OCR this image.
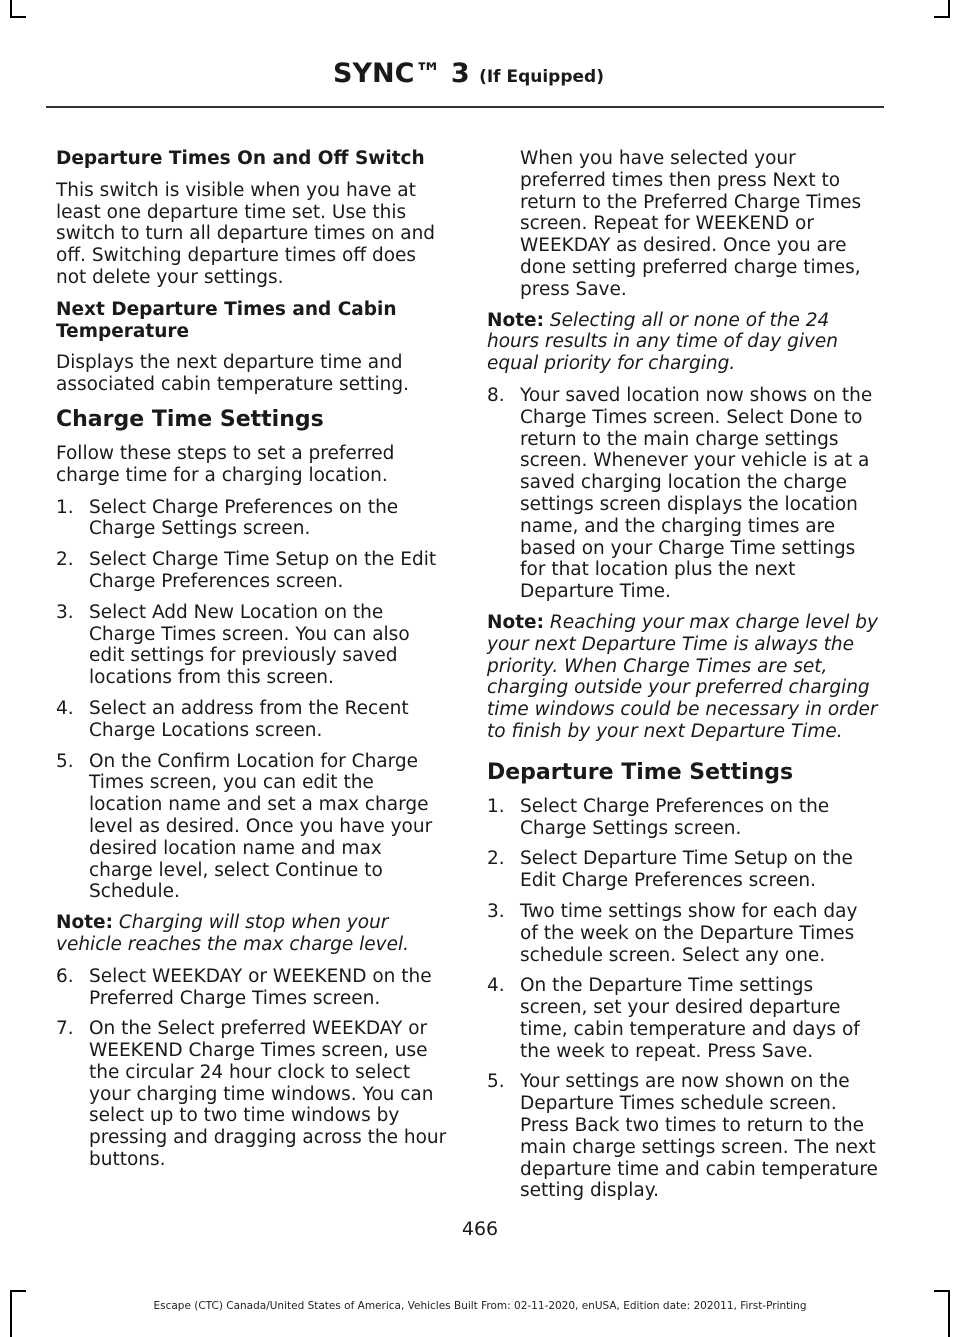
SYNC™ 3 (If Equipped)
Departure Times On and Off Switch
This switch is visible when you have at least one departure time set. Use this switch to turn all departure times on and off. Switching departure times off does not delete your settings.
Next Departure Times and Cabin Temperature
Displays the next departure time and associated cabin temperature setting.
Charge Time Settings
Follow these steps to set a preferred charge time for a charging location.
1. Select Charge Preferences on the Charge Settings screen.
2. Select Charge Time Setup on the Edit Charge Preferences screen.
3. Select Add New Location on the Charge Times screen. You can also edit settings for previously saved locations from this screen.
4. Select an address from the Recent Charge Locations screen.
5. On the Confirm Location for Charge Times screen, you can edit the location name and set a max charge level as desired. Once you have your desired location name and max charge level, select Continue to Schedule.
Note: Charging will stop when your vehicle reaches the max charge level.
6. Select WEEKDAY or WEEKEND on the Preferred Charge Times screen.
7. On the Select preferred WEEKDAY or WEEKEND Charge Times screen, use the circular 24 hour clock to select your charging time windows. You can select up to two time windows by pressing and dragging across the hour buttons.
When you have selected your preferred times then press Next to return to the Preferred Charge Times screen. Repeat for WEEKEND or WEEKDAY as desired. Once you are done setting preferred charge times, press Save.
Note: Selecting all or none of the 24 hours results in any time of day given equal priority for charging.
8. Your saved location now shows on the Charge Times screen. Select Done to return to the main charge settings screen. Whenever your vehicle is at a saved charging location the charge settings screen displays the location name, and the charging times are based on your Charge Time settings for that location plus the next Departure Time.
Note: Reaching your max charge level by your next Departure Time is always the priority. When Charge Times are set, charging outside your preferred charging time windows could be necessary in order to finish by your next Departure Time.
Departure Time Settings
1. Select Charge Preferences on the Charge Settings screen.
2. Select Departure Time Setup on the Edit Charge Preferences screen.
3. Two time settings show for each day of the week on the Departure Times schedule screen. Select any one.
4. On the Departure Time settings screen, set your desired departure time, cabin temperature and days of the week to repeat. Press Save.
5. Your settings are now shown on the Departure Times schedule screen. Press Back two times to return to the main charge settings screen. The next departure time and cabin temperature setting display.
466
Escape (CTC) Canada/United States of America, Vehicles Built From: 02-11-2020, enUSA, Edition date: 202011, First-Printing
